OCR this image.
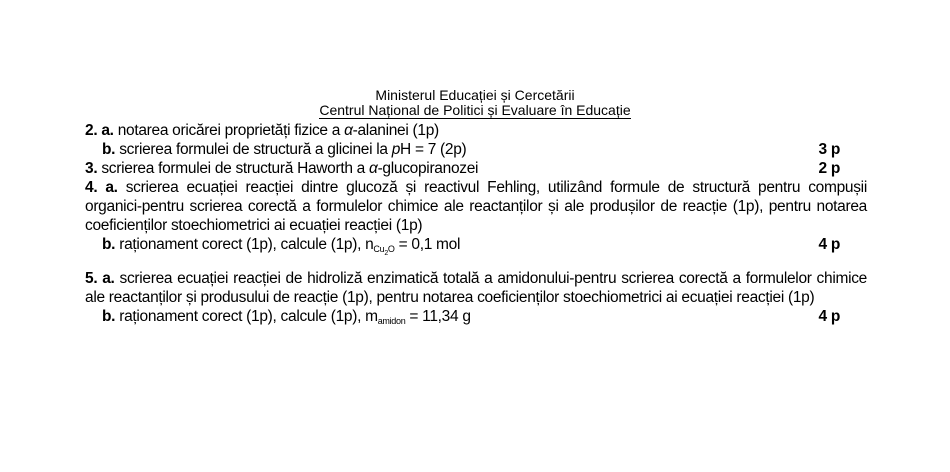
Ministerul Educației și Cercetării
Centrul Național de Politici și Evaluare în Educație
2. a. notarea oricărei proprietăți fizice a α-alaninei (1p)
b. scrierea formulei de structură a glicinei la pH = 7 (2p)	3 p
3. scrierea formulei de structură Haworth a α-glucopiranozei	2 p
4. a. scrierea ecuației reacției dintre glucoză și reactivul Fehling, utilizând formule de structură pentru compușii organici-pentru scrierea corectă a formulelor chimice ale reactanților și ale produșilor de reacție (1p), pentru notarea coeficienților stoechiometrici ai ecuației reacției (1p)
b. raționament corect (1p), calcule (1p), $n_{Cu_2O} = 0,1$ mol	4 p
5. a. scrierea ecuației reacției de hidroliză enzimatică totală a amidonului-pentru scrierea corectă a formulelor chimice ale reactanților și produsului de reacție (1p), pentru notarea coeficienților stoechiometrici ai ecuației reacției (1p)
b. raționament corect (1p), calcule (1p), $m_{amidon} = 11,34$ g	4 p
